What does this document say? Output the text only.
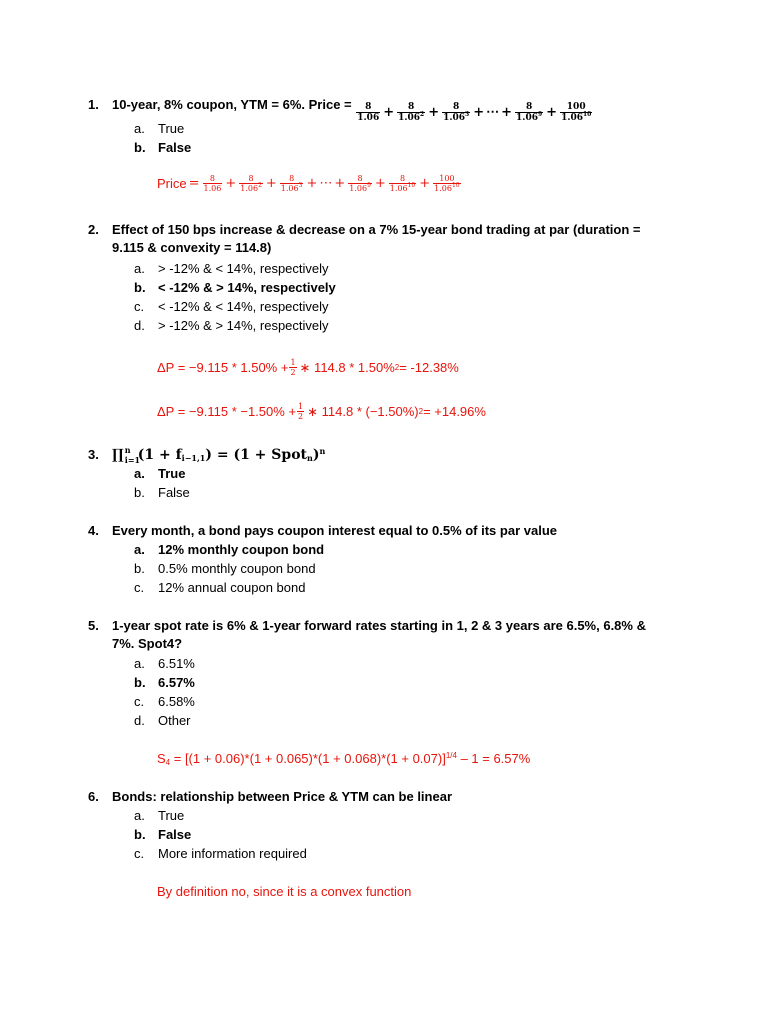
1.	10-year, 8% coupon, YTM = 6%. Price = $\frac{8}{1.06} + \frac{8}{1.06^2} + \frac{8}{1.06^3}$ + ⋯ + $\frac{8}{1.06^9} + \frac{100}{1.06^{10}}$
a. True
b. False
Price = $\frac{8}{1.06} + \frac{8}{1.06^2} + \frac{8}{1.06^3}$ + ⋯ + $\frac{8}{1.06^9} + \frac{8}{1.06^{10}} + \frac{100}{1.06^{10}}$
2.	Effect of 150 bps increase & decrease on a 7% 15-year bond trading at par (duration = 9.115 & convexity = 114.8)
a. > -12% & < 14%, respectively
b. < -12% & > 14%, respectively
c. < -12% & < 14%, respectively
d. > -12% & > 14%, respectively
$\Delta P = -9.115 * 1.50\% + \frac{1}{2}$ ∗ 114.8 * 1.50% 2 = -12.38%
$\Delta P = -9.115 * -1.50\% + \frac{1}{2}$ ∗ 114.8 * (−1.50%) 2 = +14.96%
3. ∏ n
i=1
$(1 + f_{i-1,1}) = (1$ + Spot$_n$)$^n$
a. True
b. False
4.	Every month, a bond pays coupon interest equal to 0.5% of its par value
a. 12% monthly coupon bond
b. 0.5% monthly coupon bond
c. 12% annual coupon bond
5.	1-year spot rate is 6% & 1-year forward rates starting in 1, 2 & 3 years are 6.5%, 6.8% & 7%. Spot4?
a. 6.51%
b. 6.57%
c. 6.58%
d. Other
$S_4 = [(1 + 0.06)*(1 + 0.065)*(1 + 0.068)*(1 + 0.07)]^{1/4} - 1 = 6.57\%$
6.	Bonds: relationship between Price & YTM can be linear
a. True
b. False
c. More information required
By definition no, since it is a convex function
